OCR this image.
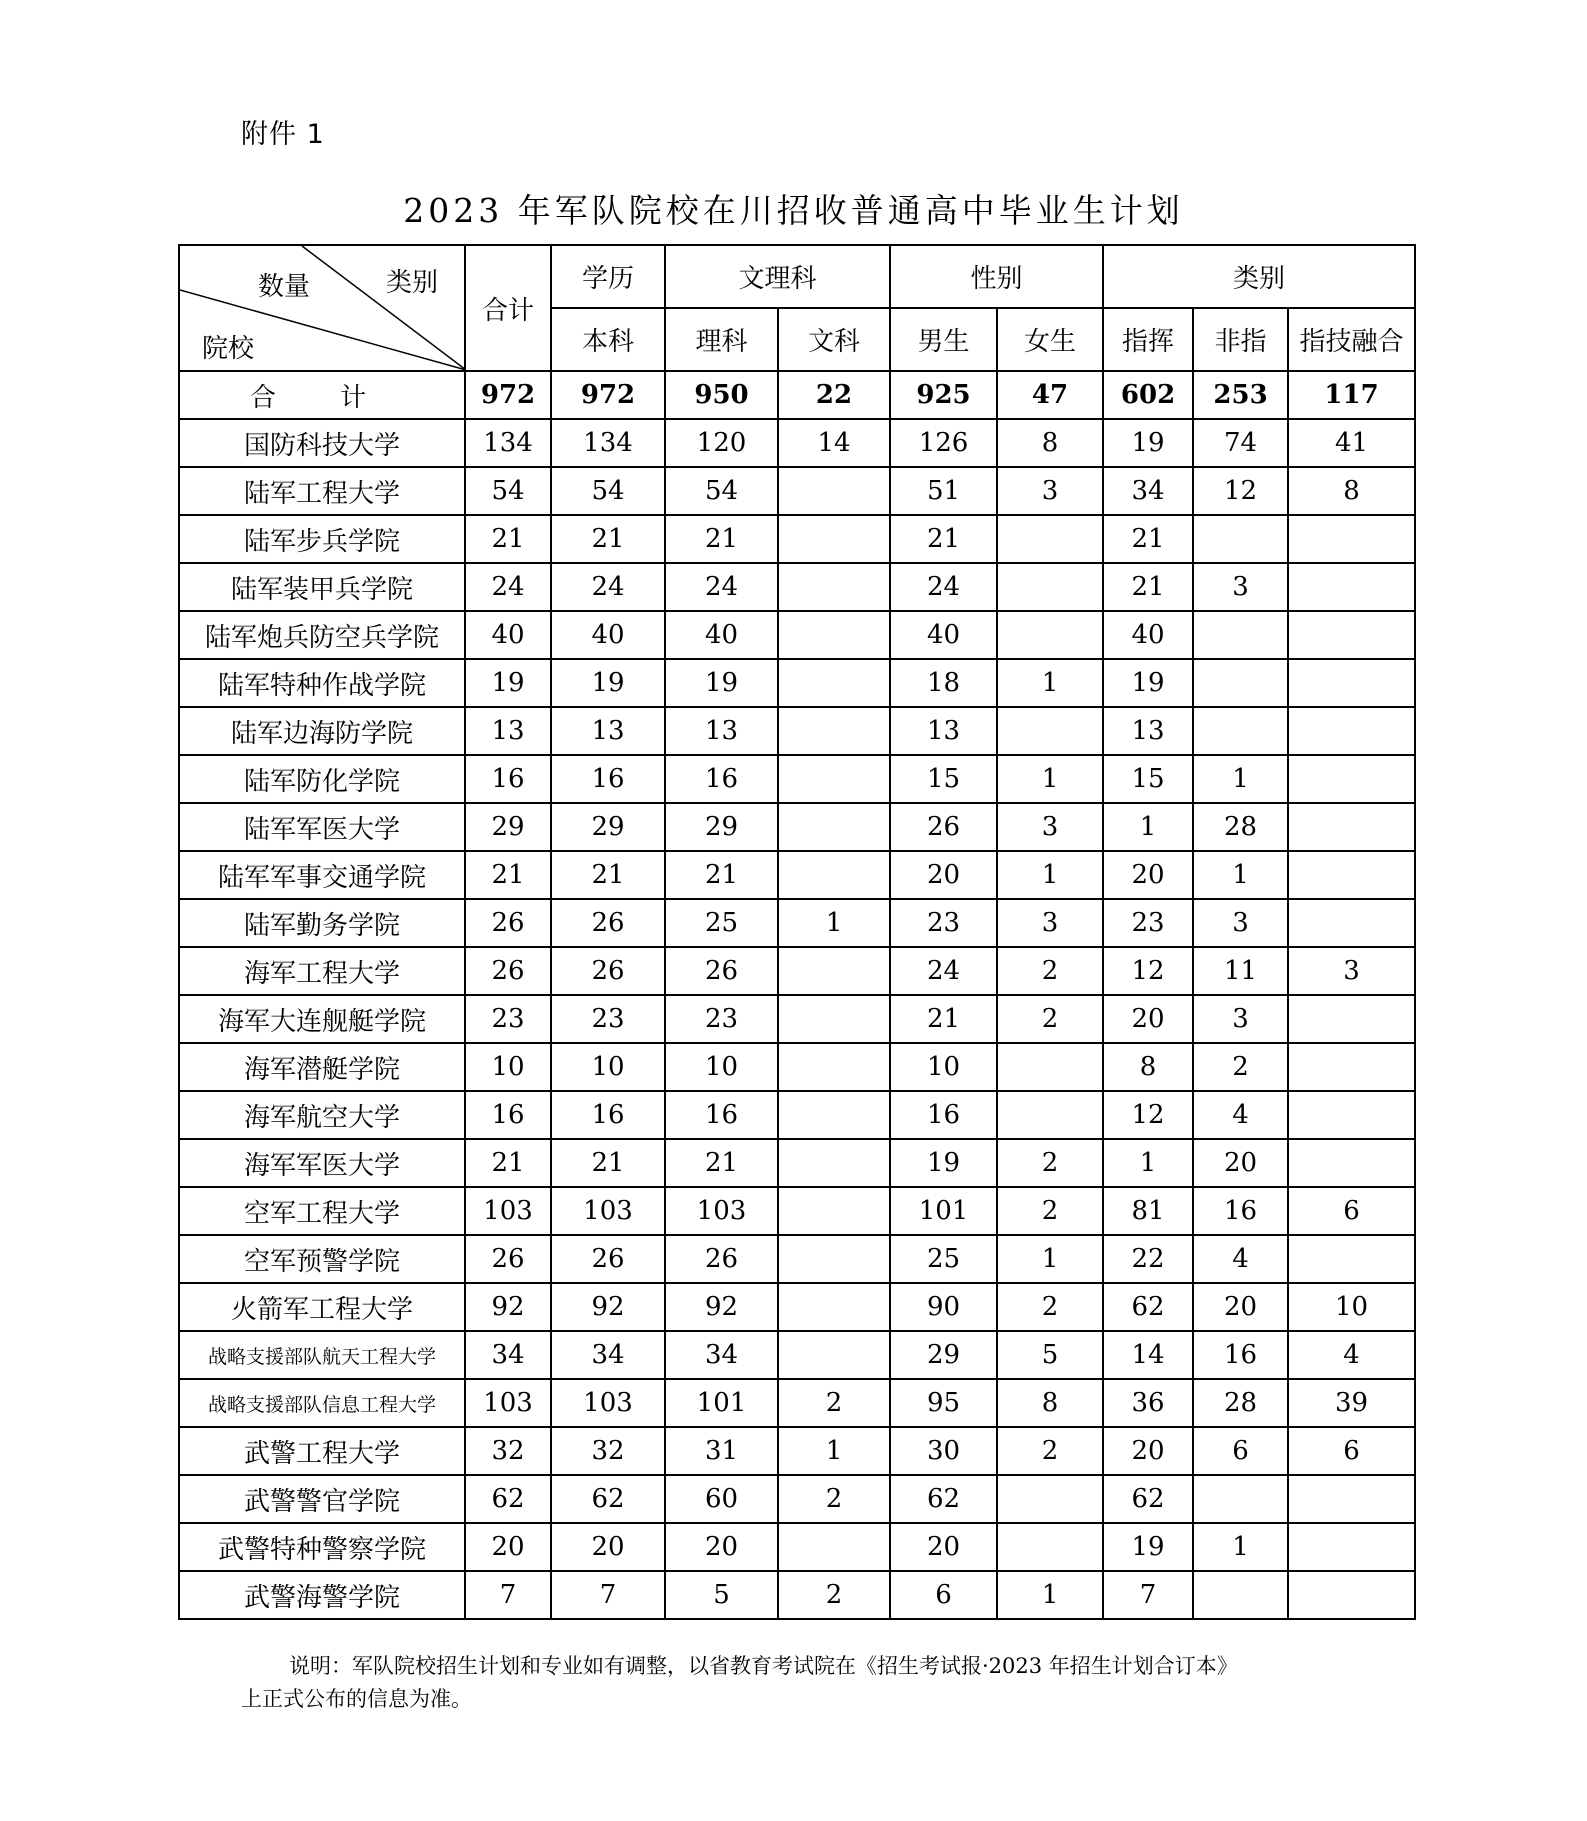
附件 1
2023 年军队院校在川招收普通高中毕业生计划
数量 类别
院校	合计	学历	文理科		性别		类别		
		本科	理科	文科	男生	女生	指挥	非指	指技融合
合 计	972	972	950	22	925	47	602	253	117
国防科技大学	134	134	120	14	126	8	19	74	41
陆军工程大学	54	54	54		51	3	34	12	8
陆军步兵学院	21	21	21		21		21		
陆军装甲兵学院	24	24	24		24		21	3	
陆军炮兵防空兵学院	40	40	40		40		40		
陆军特种作战学院	19	19	19		18	1	19		
陆军边海防学院	13	13	13		13		13		
陆军防化学院	16	16	16		15	1	15	1	
陆军军医大学	29	29	29		26	3	1	28	
陆军军事交通学院	21	21	21		20	1	20	1	
陆军勤务学院	26	26	25	1	23	3	23	3	
海军工程大学	26	26	26		24	2	12	11	3
海军大连舰艇学院	23	23	23		21	2	20	3	
海军潜艇学院	10	10	10		10		8	2	
海军航空大学	16	16	16		16		12	4	
海军军医大学	21	21	21		19	2	1	20	
空军工程大学	103	103	103		101	2	81	16	6
空军预警学院	26	26	26		25	1	22	4	
火箭军工程大学	92	92	92		90	2	62	20	10
战略支援部队航天工程大学	34	34	34		29	5	14	16	4
战略支援部队信息工程大学	103	103	101	2	95	8	36	28	39
武警工程大学	32	32	31	1	30	2	20	6	6
武警警官学院	62	62	60	2	62		62		
武警特种警察学院	20	20	20		20		19	1	
武警海警学院	7	7	5	2	6	1	7		
说明：军队院校招生计划和专业如有调整，以省教育考试院在《招生考试报·2023 年招生计划合订本》
上正式公布的信息为准。
